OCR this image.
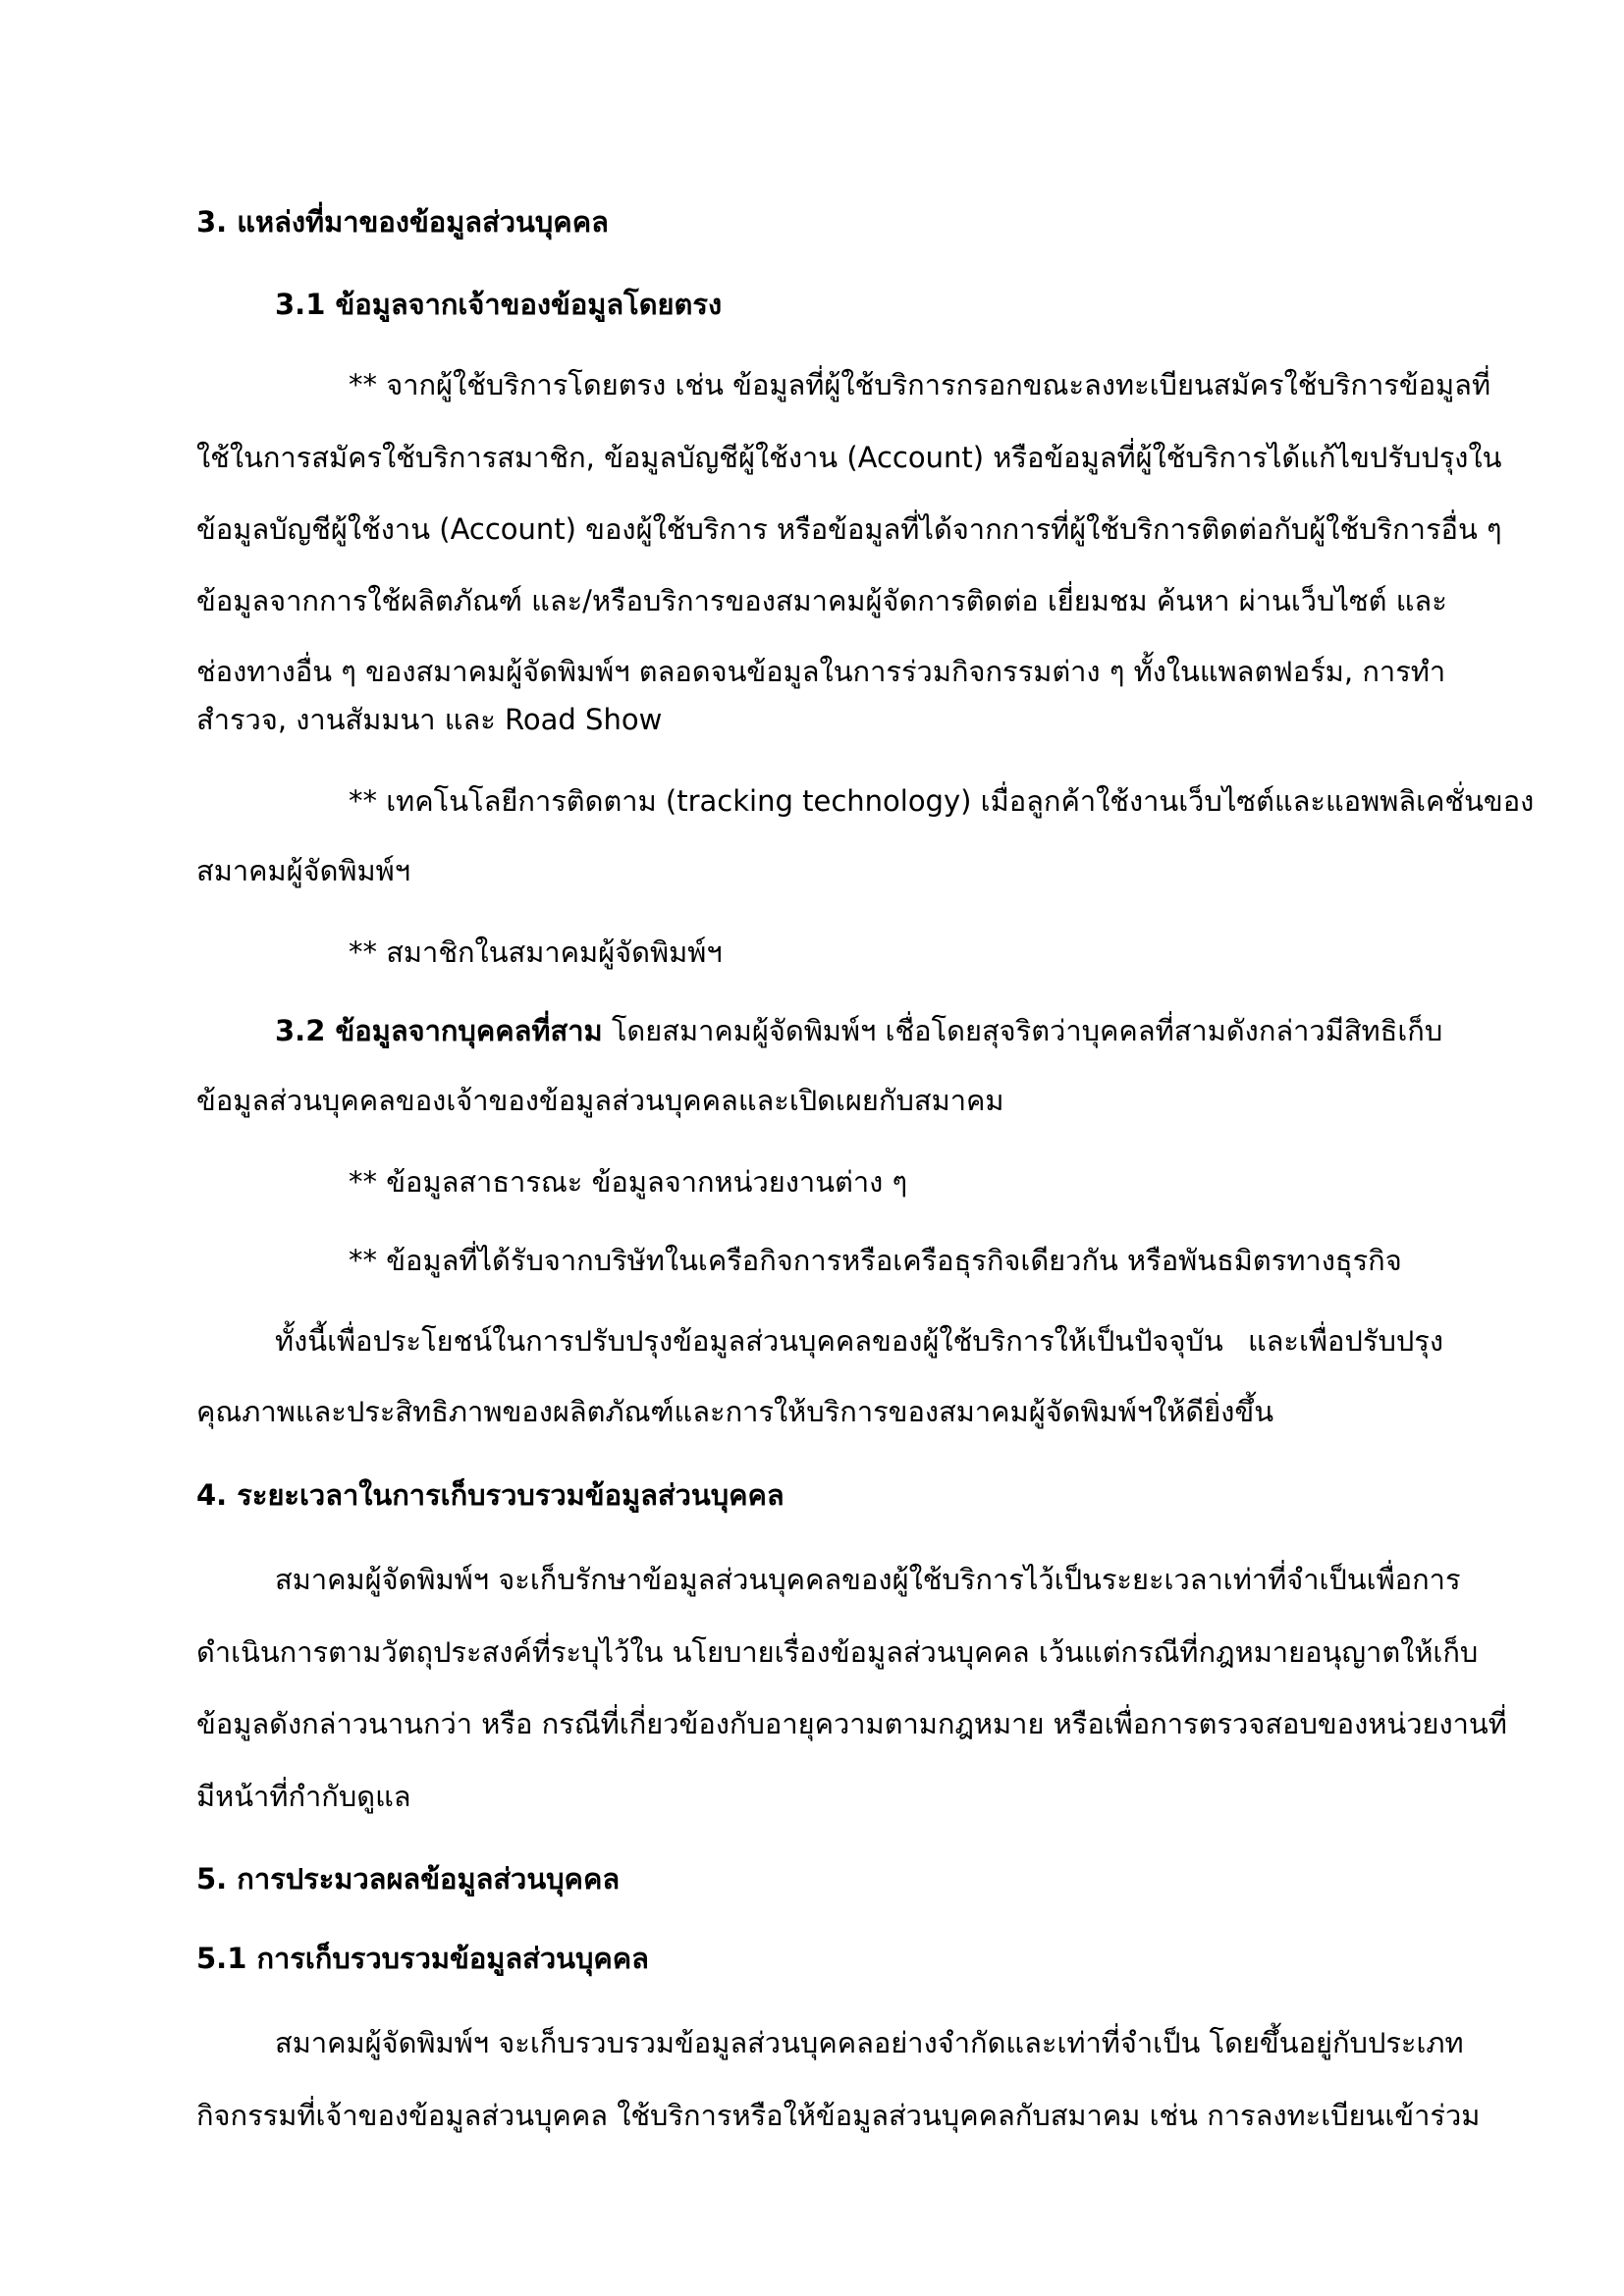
3. แหล่งที่มาของข้อมูลส่วนบุคคล
3.1 ข้อมูลจากเจ้าของข้อมูลโดยตรง
** จากผู้ใช้บริการโดยตรง เช่น ข้อมูลที่ผู้ใช้บริการกรอกขณะลงทะเบียนสมัครใช้บริการข้อมูลที่
ใช้ในการสมัครใช้บริการสมาชิก, ข้อมูลบัญชีผู้ใช้งาน (Account) หรือข้อมูลที่ผู้ใช้บริการได้แก้ไขปรับปรุงใน
ข้อมูลบัญชีผู้ใช้งาน (Account) ของผู้ใช้บริการ หรือข้อมูลที่ได้จากการที่ผู้ใช้บริการติดต่อกับผู้ใช้บริการอื่น ๆ
ข้อมูลจากการใช้ผลิตภัณฑ์ และ/หรือบริการของสมาคมผู้จัดการติดต่อ เยี่ยมชม ค้นหา ผ่านเว็บไซต์ และ
ช่องทางอื่น ๆ ของสมาคมผู้จัดพิมพ์ฯ ตลอดจนข้อมูลในการร่วมกิจกรรมต่าง ๆ ทั้งในแพลตฟอร์ม, การทำ
สำรวจ, งานสัมมนา และ Road Show
** เทคโนโลยีการติดตาม (tracking technology) เมื่อลูกค้าใช้งานเว็บไซต์และแอพพลิเคชั่นของ
สมาคมผู้จัดพิมพ์ฯ
** สมาชิกในสมาคมผู้จัดพิมพ์ฯ
3.2 ข้อมูลจากบุคคลที่สาม โดยสมาคมผู้จัดพิมพ์ฯ เชื่อโดยสุจริตว่าบุคคลที่สามดังกล่าวมีสิทธิเก็บ
ข้อมูลส่วนบุคคลของเจ้าของข้อมูลส่วนบุคคลและเปิดเผยกับสมาคม
** ข้อมูลสาธารณะ ข้อมูลจากหน่วยงานต่าง ๆ
** ข้อมูลที่ได้รับจากบริษัทในเครือกิจการหรือเครือธุรกิจเดียวกัน หรือพันธมิตรทางธุรกิจ
ทั้งนี้เพื่อประโยชน์ในการปรับปรุงข้อมูลส่วนบุคคลของผู้ใช้บริการให้เป็นปัจจุบัน และเพื่อปรับปรุง
คุณภาพและประสิทธิภาพของผลิตภัณฑ์และการให้บริการของสมาคมผู้จัดพิมพ์ฯให้ดียิ่งขึ้น
4. ระยะเวลาในการเก็บรวบรวมข้อมูลส่วนบุคคล
สมาคมผู้จัดพิมพ์ฯ จะเก็บรักษาข้อมูลส่วนบุคคลของผู้ใช้บริการไว้เป็นระยะเวลาเท่าที่จำเป็นเพื่อการ
ดำเนินการตามวัตถุประสงค์ที่ระบุไว้ใน นโยบายเรื่องข้อมูลส่วนบุคคล เว้นแต่กรณีที่กฎหมายอนุญาตให้เก็บ
ข้อมูลดังกล่าวนานกว่า หรือ กรณีที่เกี่ยวข้องกับอายุความตามกฎหมาย หรือเพื่อการตรวจสอบของหน่วยงานที่
มีหน้าที่กำกับดูแล
5. การประมวลผลข้อมูลส่วนบุคคล
5.1 การเก็บรวบรวมข้อมูลส่วนบุคคล
สมาคมผู้จัดพิมพ์ฯ จะเก็บรวบรวมข้อมูลส่วนบุคคลอย่างจำกัดและเท่าที่จำเป็น โดยขึ้นอยู่กับประเภท
กิจกรรมที่เจ้าของข้อมูลส่วนบุคคล ใช้บริการหรือให้ข้อมูลส่วนบุคคลกับสมาคม เช่น การลงทะเบียนเข้าร่วม
